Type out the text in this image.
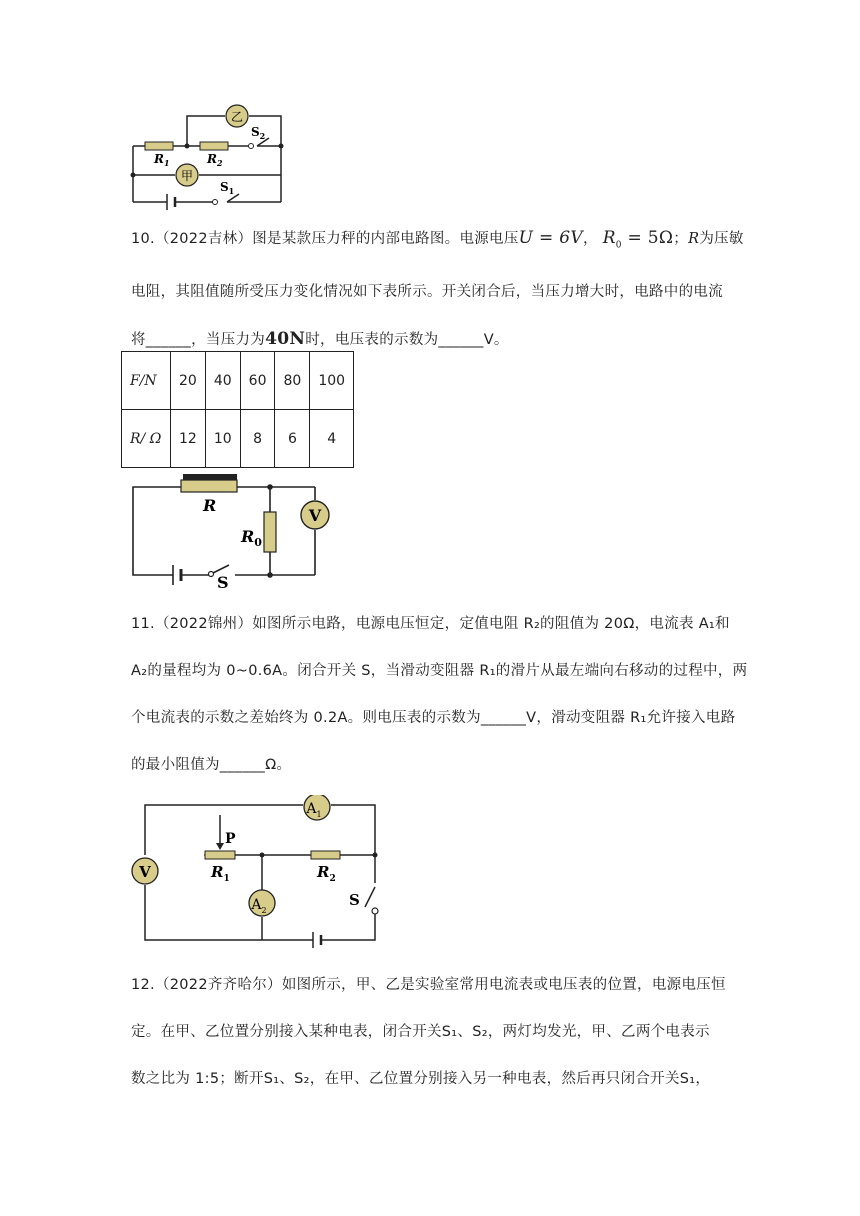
乙
甲
$R_1$	$R_2$
$S_2$
$S_1$
10.（2022吉林）图是某款压力秤的内部电路图。电源电压U = 6V， $R_0 = 5\Omega$；R为压敏
电阻，其阻值随所受压力变化情况如下表所示。开关闭合后，当压力增大时，电路中的电流
将______，当压力为40N时，电压表的示数为______V。
F/N	20	40	60	80	100
R/ Ω	12	10	8	6	4
V
R
$R_0$
S
11.（2022锦州）如图所示电路，电源电压恒定，定值电阻 R₂的阻值为 20Ω，电流表 A₁和
A₂的量程均为 0~0.6A。闭合开关 S，当滑动变阻器 R₁的滑片从最左端向右移动的过程中，两
个电流表的示数之差始终为 0.2A。则电压表的示数为______V，滑动变阻器 R₁允许接入电路
的最小阻值为______Ω。
V
$A_1$
$A_2$
P
$R_1$	$R_2$
S
12.（2022齐齐哈尔）如图所示，甲、乙是实验室常用电流表或电压表的位置，电源电压恒
定。在甲、乙位置分别接入某种电表，闭合开关S₁、S₂，两灯均发光，甲、乙两个电表示
数之比为 1:5；断开S₁、S₂，在甲、乙位置分别接入另一种电表，然后再只闭合开关S₁，
